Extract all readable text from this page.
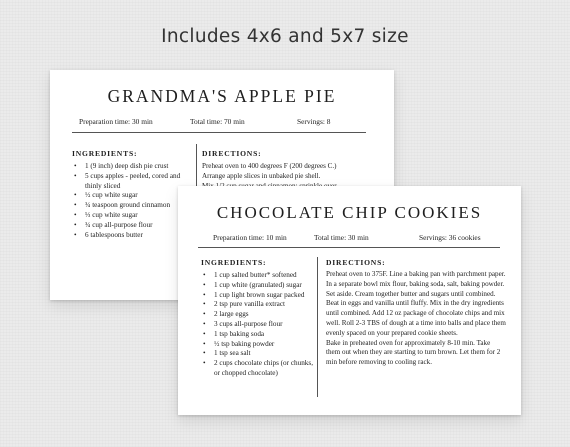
Includes 4x6 and 5x7 size
GRANDMA'S APPLE PIE
Preparation time: 30 min	Total time: 70 min	Servings: 8
INGREDIENTS:
• 1 (9 inch) deep dish pie crust
• 5 cups apples - peeled, cored and thinly sliced
• ½ cup white sugar
• ¾ teaspoon ground cinnamon
• ⅓ cup white sugar
• ¾ cup all-purpose flour
• 6 tablespoons butter
DIRECTIONS:

Preheat oven to 400 degrees F (200 degrees C.)

Arrange apple slices in unbaked pie shell.

CHOCOLATE CHIP COOKIES
Preparation time: 10 min	Total time: 30 min	Servings: 36 cookies
INGREDIENTS:
• 1 cup salted butter* softened
• 1 cup white (granulated) sugar
• 1 cup light brown sugar packed
• 2 tsp pure vanilla extract
• 2 large eggs
• 3 cups all-purpose flour
• 1 tsp baking soda
• ½ tsp baking powder
• 1 tsp sea salt
• 2 cups chocolate chips (or chunks, or chopped chocolate)
DIRECTIONS:

Preheat oven to 375F. Line a baking pan with parchment paper. In a separate bowl mix flour, baking soda, salt, baking powder. Set aside. Cream together butter and sugars until combined.

Beat in eggs and vanilla until fluffy. Mix in the dry ingredients until combined. Add 12 oz package of chocolate chips and mix well. Roll 2-3 TBS of dough at a time into balls and place them evenly spaced on your prepared cookie sheets.

Bake in preheated oven for approximately 8-10 min. Take them out when they are starting to turn brown. Let them for 2 min before removing to cooling rack.
